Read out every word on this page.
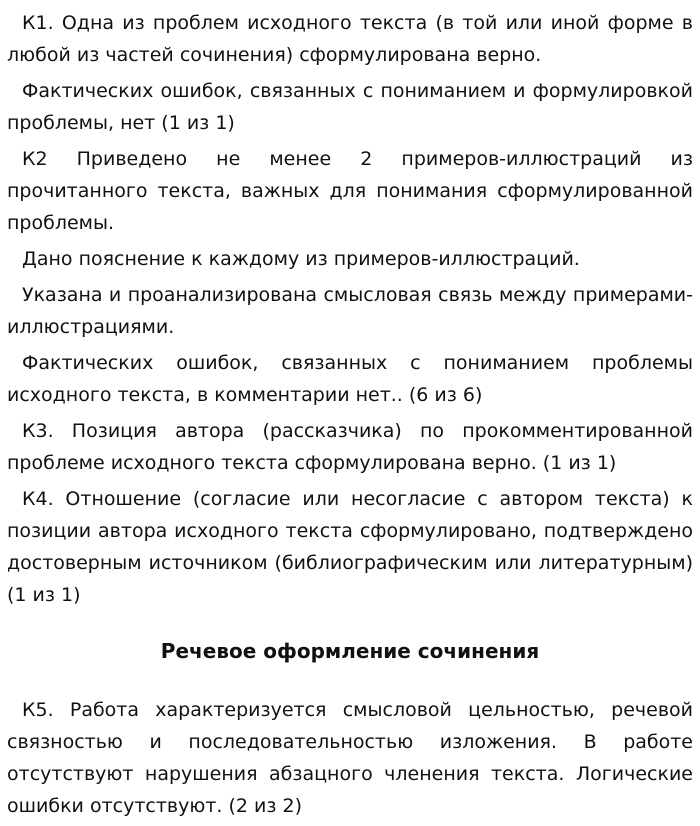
К1. Одна из проблем исходного текста (в той или иной форме в любой из частей сочинения) сформулирована верно.

Фактических ошибок, связанных с пониманием и формулировкой проблемы, нет (1 из 1)

К2 Приведено не менее 2 примеров-иллюстраций из прочитанного текста, важных для понимания сформулированной проблемы.

Дано пояснение к каждому из примеров-иллюстраций.

Указана и проанализирована смысловая связь между примерами-иллюстрациями.

Фактических ошибок, связанных с пониманием проблемы исходного текста, в комментарии нет.. (6 из 6)

К3. Позиция автора (рассказчика) по прокомментированной проблеме исходного текста сформулирована верно. (1 из 1)

К4. Отношение (согласие или несогласие с автором текста) к позиции автора исходного текста сформулировано, подтверждено достоверным источником (библиографическим или литературным) (1 из 1)

Речевое оформление сочинения

К5. Работа характеризуется смысловой цельностью, речевой связностью и последовательностью изложения. В работе отсутствуют нарушения абзацного членения текста. Логические ошибки отсутствуют. (2 из 2)
